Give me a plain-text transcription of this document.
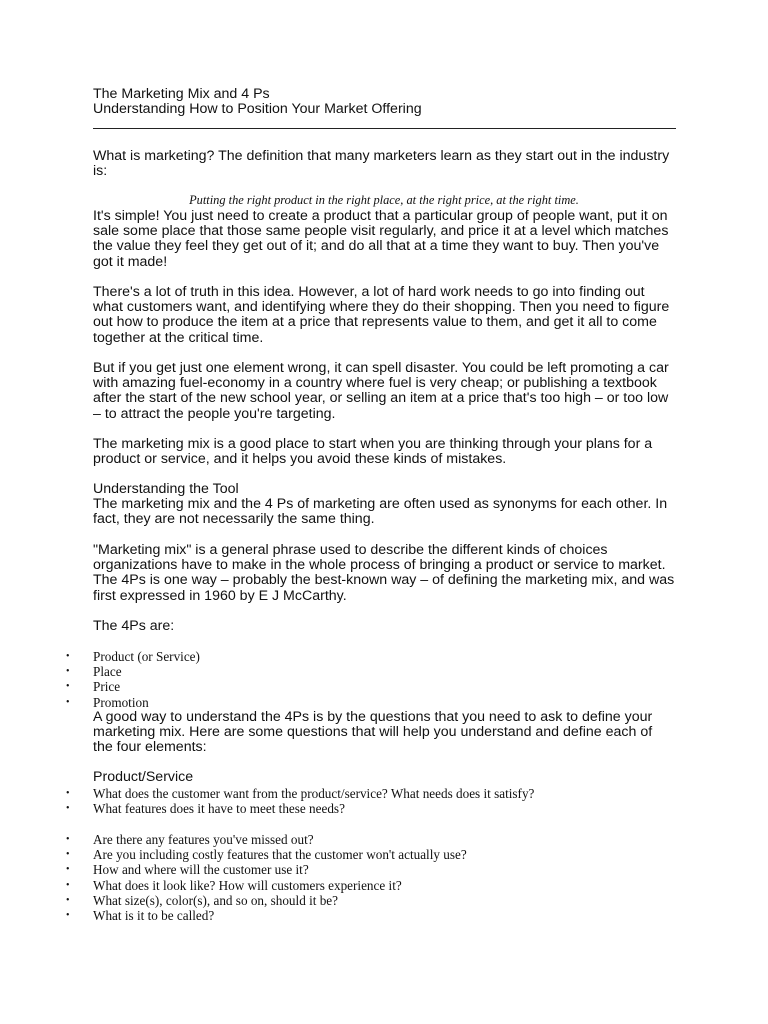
The Marketing Mix and 4 Ps
Understanding How to Position Your Market Offering
What is marketing? The definition that many marketers learn as they start out in the industry
is:

Putting the right product in the right place, at the right price, at the right time.

It's simple! You just need to create a product that a particular group of people want, put it on
sale some place that those same people visit regularly, and price it at a level which matches
the value they feel they get out of it; and do all that at a time they want to buy. Then you've
got it made!
There's a lot of truth in this idea. However, a lot of hard work needs to go into finding out
what customers want, and identifying where they do their shopping. Then you need to figure
out how to produce the item at a price that represents value to them, and get it all to come
together at the critical time.
But if you get just one element wrong, it can spell disaster. You could be left promoting a car
with amazing fuel-economy in a country where fuel is very cheap; or publishing a textbook
after the start of the new school year, or selling an item at a price that's too high – or too low
– to attract the people you're targeting.
The marketing mix is a good place to start when you are thinking through your plans for a
product or service, and it helps you avoid these kinds of mistakes.
Understanding the Tool
The marketing mix and the 4 Ps of marketing are often used as synonyms for each other. In
fact, they are not necessarily the same thing.
"Marketing mix" is a general phrase used to describe the different kinds of choices
organizations have to make in the whole process of bringing a product or service to market.
The 4Ps is one way – probably the best-known way – of defining the marketing mix, and was
first expressed in 1960 by E J McCarthy.
The 4Ps are:
• Product (or Service)
• Place
• Price
• Promotion
A good way to understand the 4Ps is by the questions that you need to ask to define your
marketing mix. Here are some questions that will help you understand and define each of
the four elements:
Product/Service
• What does the customer want from the product/service? What needs does it satisfy?
• What features does it have to meet these needs?
• Are there any features you've missed out?
• Are you including costly features that the customer won't actually use?
• How and where will the customer use it?
• What does it look like? How will customers experience it?
• What size(s), color(s), and so on, should it be?
• What is it to be called?
